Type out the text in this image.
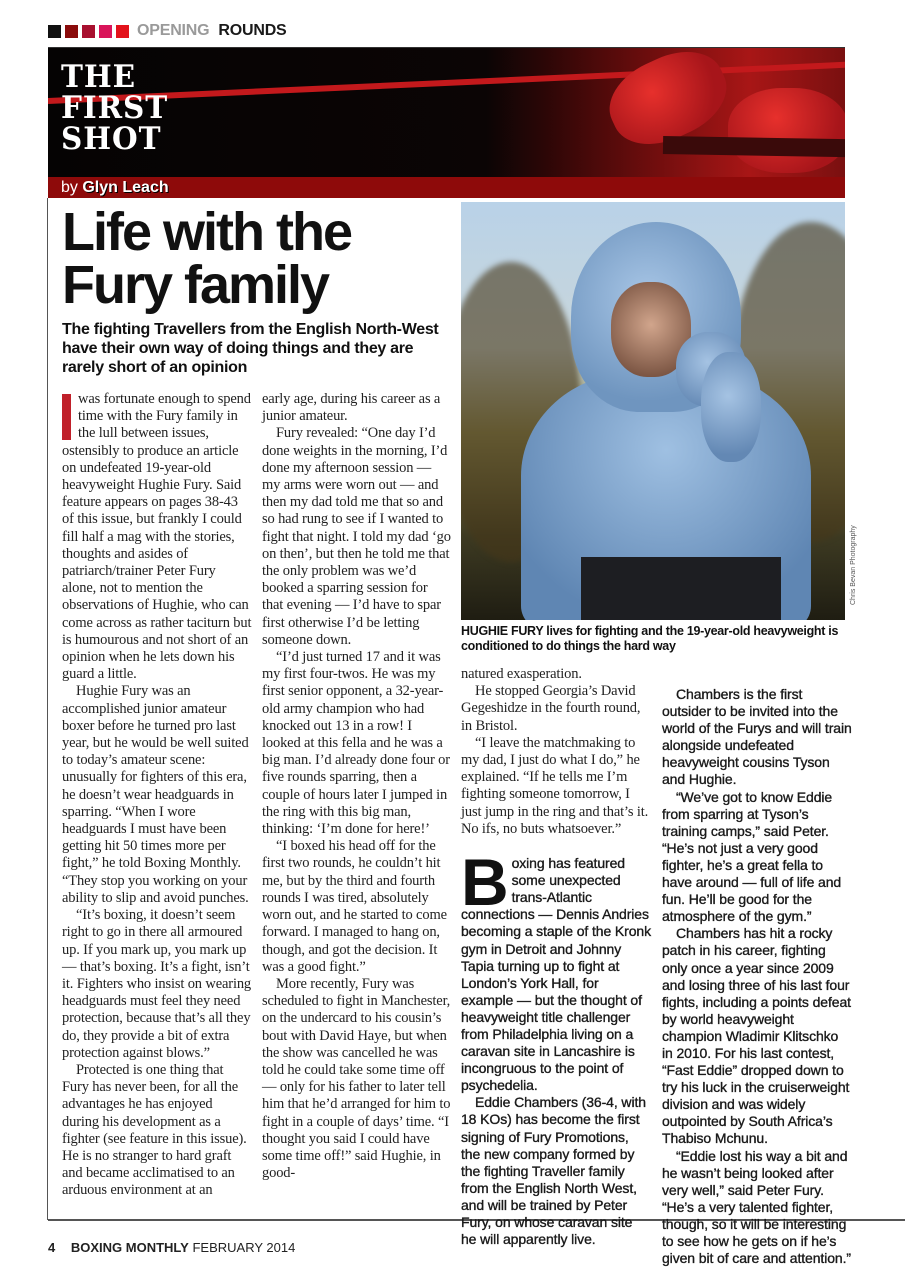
OPENING ROUNDS
THE
FIRST
SHOT
by Glyn Leach
Life with the Fury family
The fighting Travellers from the English North-West have their own way of doing things and they are rarely short of an opinion

was fortunate enough to spend time with the Fury family in the lull between issues, ostensibly to produce an article on undefeated 19-year-old heavyweight Hughie Fury. Said feature appears on pages 38-43 of this issue, but frankly I could fill half a mag with the stories, thoughts and asides of patriarch/trainer Peter Fury alone, not to mention the observations of Hughie, who can come across as rather taciturn but is humourous and not short of an opinion when he lets down his guard a little.

Hughie Fury was an accomplished junior amateur boxer before he turned pro last year, but he would be well suited to today’s amateur scene: unusually for fighters of this era, he doesn’t wear headguards in sparring. “When I wore headguards I must have been getting hit 50 times more per fight,” he told Boxing Monthly. “They stop you working on your ability to slip and avoid punches.

“It’s boxing, it doesn’t seem right to go in there all armoured up. If you mark up, you mark up — that’s boxing. It’s a fight, isn’t it. Fighters who insist on wearing headguards must feel they need protection, because that’s all they do, they provide a bit of extra protection against blows.”

Protected is one thing that Fury has never been, for all the advantages he has enjoyed during his development as a fighter (see feature in this issue). He is no stranger to hard graft and became acclimatised to an arduous environment at an

early age, during his career as a junior amateur.

Fury revealed: “One day I’d done weights in the morning, I’d done my afternoon session — my arms were worn out — and then my dad told me that so and so had rung to see if I wanted to fight that night. I told my dad ‘go on then’, but then he told me that the only problem was we’d booked a sparring session for that evening — I’d have to spar first otherwise I’d be letting someone down.

“I’d just turned 17 and it was my first four-twos. He was my first senior opponent, a 32-year-old army champion who had knocked out 13 in a row! I looked at this fella and he was a big man. I’d already done four or five rounds sparring, then a couple of hours later I jumped in the ring with this big man, thinking: ‘I’m done for here!’

“I boxed his head off for the first two rounds, he couldn’t hit me, but by the third and fourth rounds I was tired, absolutely worn out, and he started to come forward. I managed to hang on, though, and got the decision. It was a good fight.”

More recently, Fury was scheduled to fight in Manchester, on the undercard to his cousin’s bout with David Haye, but when the show was cancelled he was told he could take some time off — only for his father to later tell him that he’d arranged for him to fight in a couple of days’ time. “I thought you said I could have some time off!” said Hughie, in good-

Chris Bevan Photography
HUGHIE FURY lives for fighting and the 19-year-old heavyweight is conditioned to do things the hard way

natured exasperation.

He stopped Georgia’s David Gegeshidze in the fourth round, in Bristol.

“I leave the matchmaking to my dad, I just do what I do,” he explained. “If he tells me I’m fighting someone tomorrow, I just jump in the ring and that’s it. No ifs, no buts whatsoever.”

Boxing has featured some unexpected trans-Atlantic connections — Dennis Andries becoming a staple of the Kronk gym in Detroit and Johnny Tapia turning up to fight at London’s York Hall, for example — but the thought of heavyweight title challenger from Philadelphia living on a caravan site in Lancashire is incongruous to the point of psychedelia.

Eddie Chambers (36-4, with 18 KOs) has become the first signing of Fury Promotions, the new company formed by the fighting Traveller family from the English North West, and will be trained by Peter Fury, on whose caravan site he will apparently live.

Chambers is the first outsider to be invited into the world of the Furys and will train alongside undefeated heavyweight cousins Tyson and Hughie.

“We’ve got to know Eddie from sparring at Tyson’s training camps,” said Peter. “He’s not just a very good fighter, he’s a great fella to have around — full of life and fun. He’ll be good for the atmosphere of the gym.”

Chambers has hit a rocky patch in his career, fighting only once a year since 2009 and losing three of his last four fights, including a points defeat by world heavyweight champion Wladimir Klitschko in 2010. For his last contest, “Fast Eddie” dropped down to try his luck in the cruiserweight division and was widely outpointed by South Africa’s Thabiso Mchunu.

“Eddie lost his way a bit and he wasn’t being looked after very well,” said Peter Fury. “He’s a very talented fighter, though, so it will be interesting to see how he gets on if he’s given bit of care and attention.”

4 BOXING MONTHLY FEBRUARY 2014
